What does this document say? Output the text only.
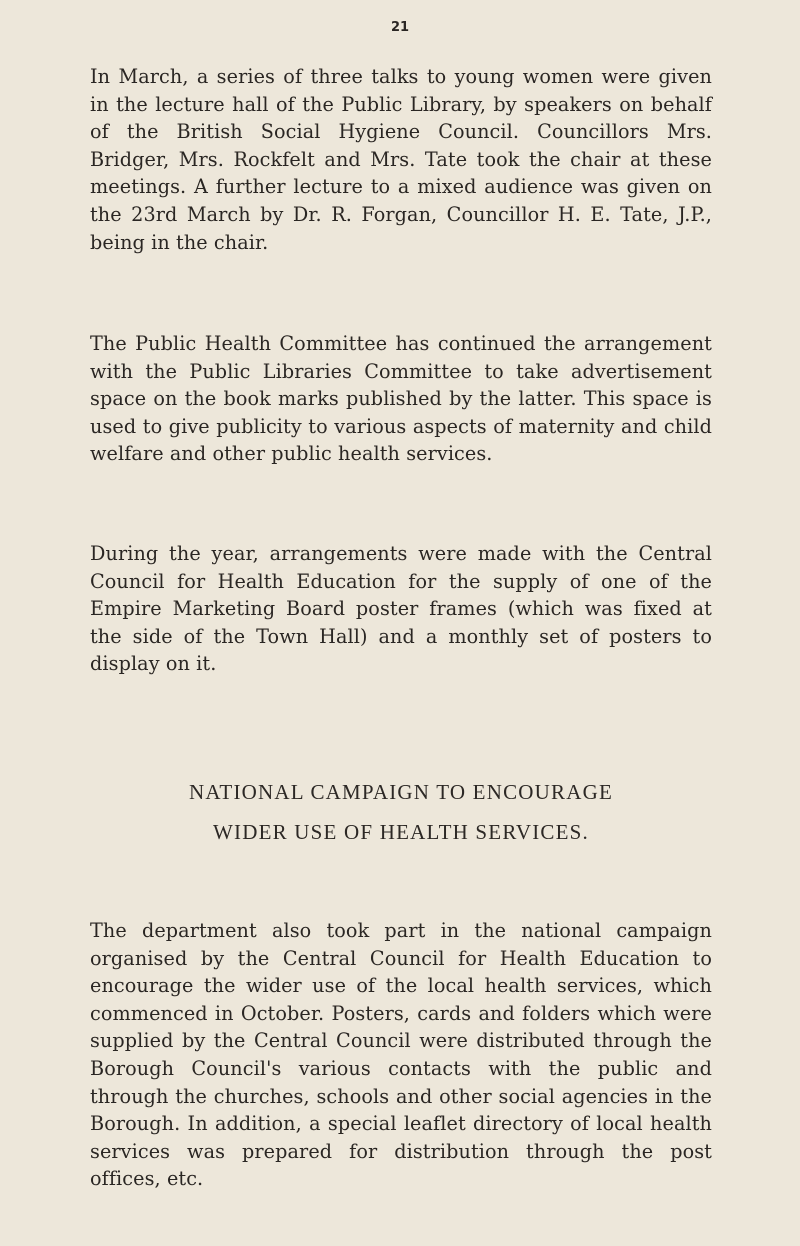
21

In March, a series of three talks to young women were given in the lecture hall of the Public Library, by speakers on behalf of the British Social Hygiene Council. Councillors Mrs. Bridger, Mrs. Rockfelt and Mrs. Tate took the chair at these meetings. A further lecture to a mixed audience was given on the 23rd March by Dr. R. Forgan, Councillor H. E. Tate, J.P., being in the chair.

The Public Health Committee has continued the arrangement with the Public Libraries Committee to take advertisement space on the book marks published by the latter. This space is used to give publicity to various aspects of maternity and child welfare and other public health services.

During the year, arrangements were made with the Central Council for Health Education for the supply of one of the Empire Marketing Board poster frames (which was fixed at the side of the Town Hall) and a monthly set of posters to display on it.

NATIONAL CAMPAIGN TO ENCOURAGE
WIDER USE OF HEALTH SERVICES.

The department also took part in the national campaign organised by the Central Council for Health Education to encourage the wider use of the local health services, which commenced in October. Posters, cards and folders which were supplied by the Central Council were distributed through the Borough Council's various contacts with the public and through the churches, schools and other social agencies in the Borough. In addition, a special leaflet directory of local health services was prepared for distribution through the post offices, etc.
